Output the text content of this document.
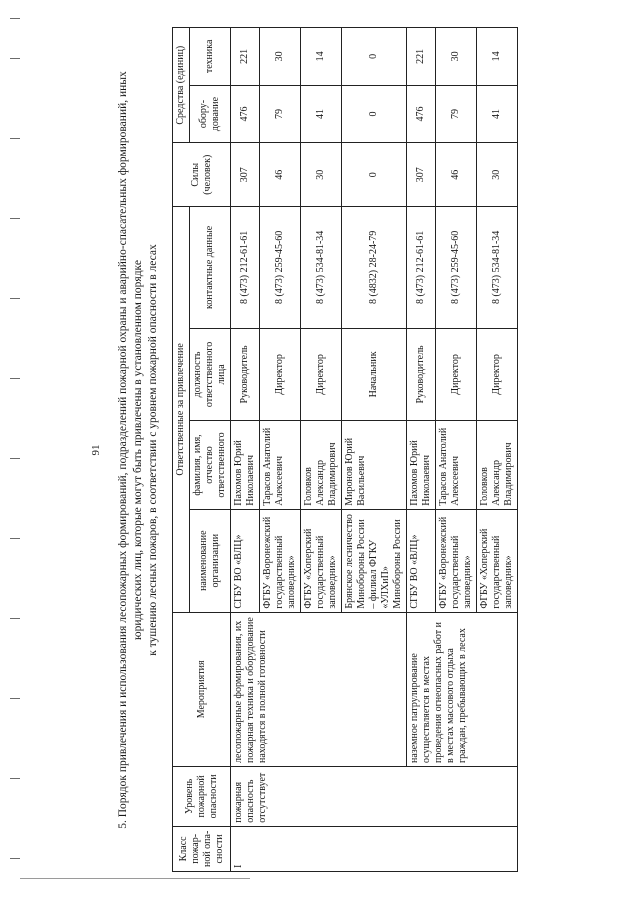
91 5. Порядок привлечения и использования лесопожарных формирований, подразделений пожарной охраны и аварийно-спасательных формирований, иных юридических лиц, которые могут быть привлечены в установленном порядке к тушению лесных пожаров, в соответствии с уровнем пожарной опасности в лесах
Класс пожар-ной опа-сности	Уровень пожарной опасности	Мероприятия	Ответственные за привлечение				Силы (человек)	Средства (единиц)	
			наименование организации	фамилия, имя, отчество ответственного	должность ответственного лица	контактные данные		обору-дование	техника
I	пожарная опасность отсутствует	лесопожарные формирования, их пожарная техника и оборудование находятся в полной готовности	СГБУ ВО «ВЛЦ»	Пахомов Юрий Николаевич	Руководитель	8 (473) 212-61-61	307	476	221
			ФГБУ «Воронежский государственный заповедник»	Тарасов Анатолий Алексеевич	Директор	8 (473) 259-45-60	46	79	30
			ФГБУ «Хоперский государственный заповедник»	Головков Александр Владимирович	Директор	8 (473) 534-81-34	30	41	14
			Брянское лесничество Минобороны России – филиал ФГКУ «УЛХиП» Минобороны России	Миронов Юрий Васильевич	Начальник	8 (4832) 28-24-79	0	0	0
		наземное патрулирование осуществляется в местах проведения огнеопасных работ и в местах массового отдыха граждан, пребывающих в лесах	СГБУ ВО «ВЛЦ»	Пахомов Юрий Николаевич	Руководитель	8 (473) 212-61-61	307	476	221
			ФГБУ «Воронежский государственный заповедник»	Тарасов Анатолий Алексеевич	Директор	8 (473) 259-45-60	46	79	30
			ФГБУ «Хоперский государственный заповедник»	Головков Александр Владимирович	Директор	8 (473) 534-81-34	30	41	14
